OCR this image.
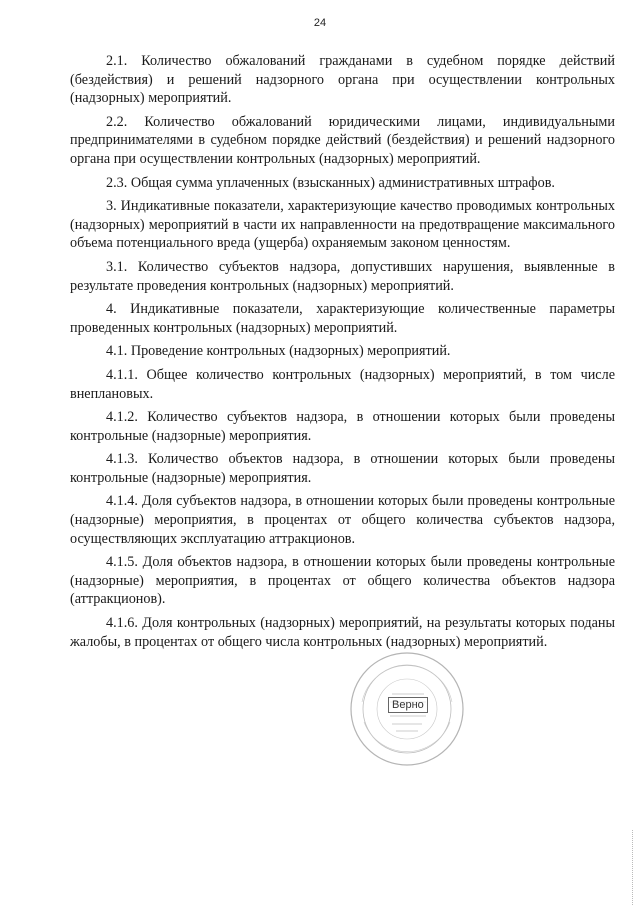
24

2.1. Количество обжалований гражданами в судебном порядке действий (бездействия) и решений надзорного органа при осуществлении контрольных (надзорных) мероприятий.

2.2. Количество обжалований юридическими лицами, индивидуальными предпринимателями в судебном порядке действий (бездействия) и решений надзорного органа при осуществлении контрольных (надзорных) мероприятий.

2.3. Общая сумма уплаченных (взысканных) административных штрафов.

3. Индикативные показатели, характеризующие качество проводимых контрольных (надзорных) мероприятий в части их направленности на предотвращение максимального объема потенциального вреда (ущерба) охраняемым законом ценностям.

3.1. Количество субъектов надзора, допустивших нарушения, выявленные в результате проведения контрольных (надзорных) мероприятий.

4. Индикативные показатели, характеризующие количественные параметры проведенных контрольных (надзорных) мероприятий.

4.1. Проведение контрольных (надзорных) мероприятий.

4.1.1. Общее количество контрольных (надзорных) мероприятий, в том числе внеплановых.

4.1.2. Количество субъектов надзора, в отношении которых были проведены контрольные (надзорные) мероприятия.

4.1.3. Количество объектов надзора, в отношении которых были проведены контрольные (надзорные) мероприятия.

4.1.4. Доля субъектов надзора, в отношении которых были проведены контрольные (надзорные) мероприятия, в процентах от общего количества субъектов надзора, осуществляющих эксплуатацию аттракционов.

4.1.5. Доля объектов надзора, в отношении которых были проведены контрольные (надзорные) мероприятия, в процентах от общего количества объектов надзора (аттракционов).

4.1.6. Доля контрольных (надзорных) мероприятий, на результаты которых поданы жалобы, в процентах от общего числа контрольных (надзорных) мероприятий.

Верно
